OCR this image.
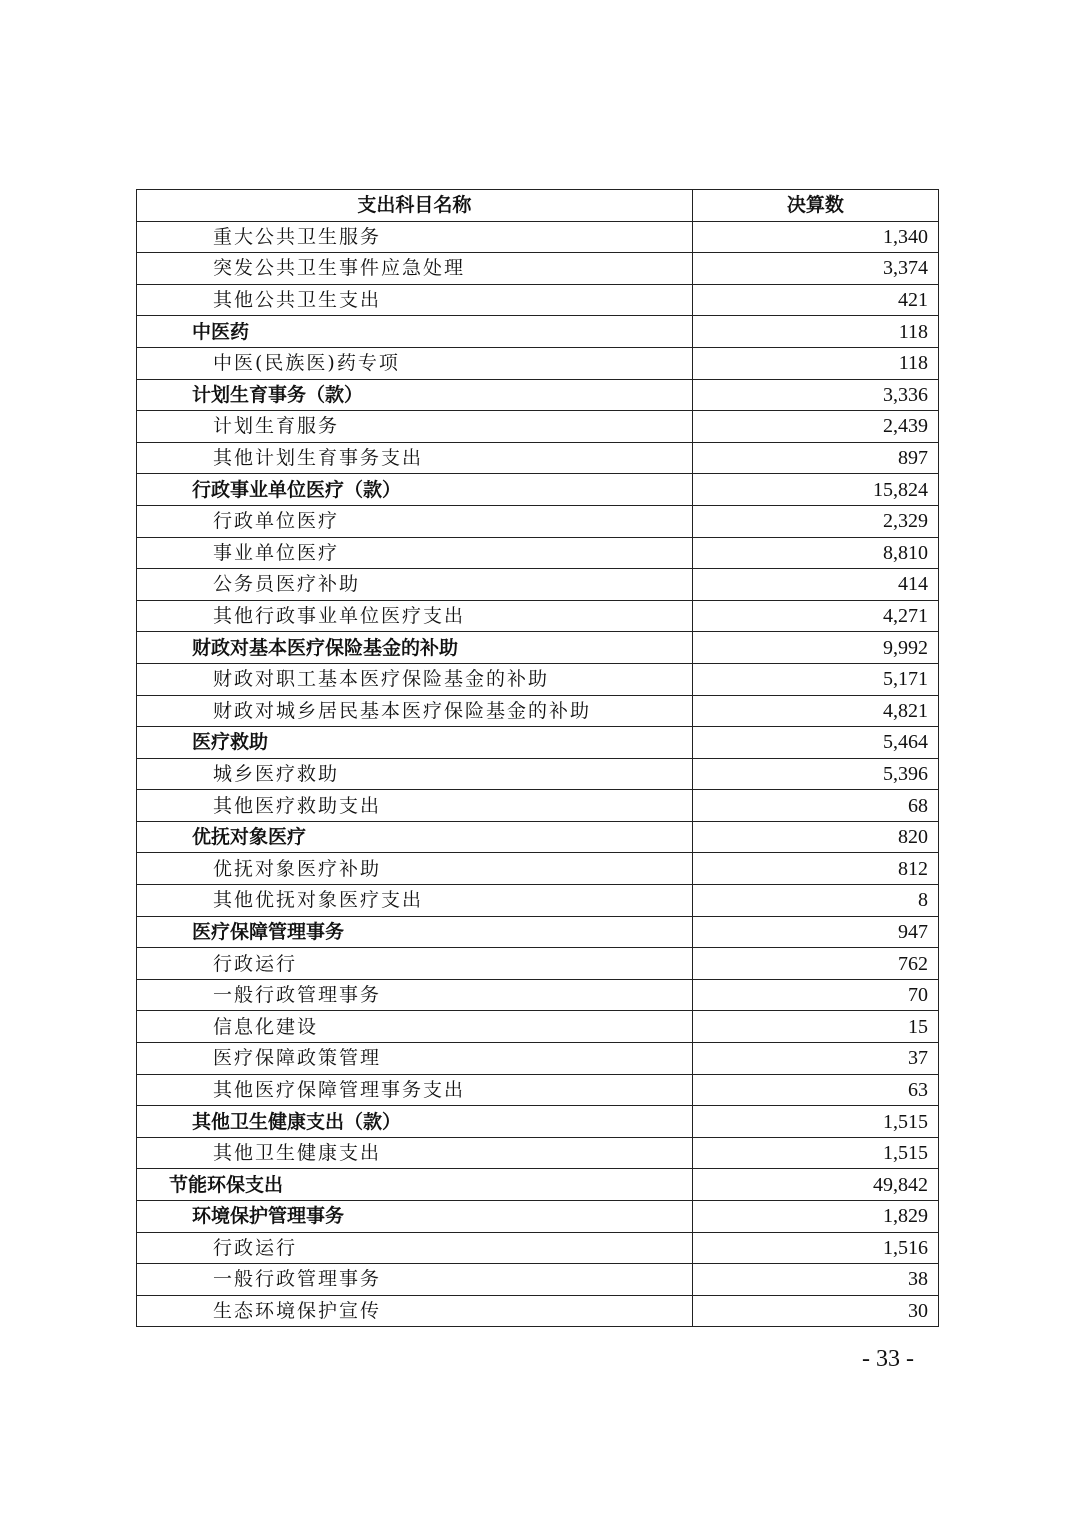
支出科目名称	决算数
重大公共卫生服务	1,340
突发公共卫生事件应急处理	3,374
其他公共卫生支出	421
中医药	118
中医(民族医)药专项	118
计划生育事务（款）	3,336
计划生育服务	2,439
其他计划生育事务支出	897
行政事业单位医疗（款）	15,824
行政单位医疗	2,329
事业单位医疗	8,810
公务员医疗补助	414
其他行政事业单位医疗支出	4,271
财政对基本医疗保险基金的补助	9,992
财政对职工基本医疗保险基金的补助	5,171
财政对城乡居民基本医疗保险基金的补助	4,821
医疗救助	5,464
城乡医疗救助	5,396
其他医疗救助支出	68
优抚对象医疗	820
优抚对象医疗补助	812
其他优抚对象医疗支出	8
医疗保障管理事务	947
行政运行	762
一般行政管理事务	70
信息化建设	15
医疗保障政策管理	37
其他医疗保障管理事务支出	63
其他卫生健康支出（款）	1,515
其他卫生健康支出	1,515
节能环保支出	49,842
环境保护管理事务	1,829
行政运行	1,516
一般行政管理事务	38
生态环境保护宣传	30
- 33 -
